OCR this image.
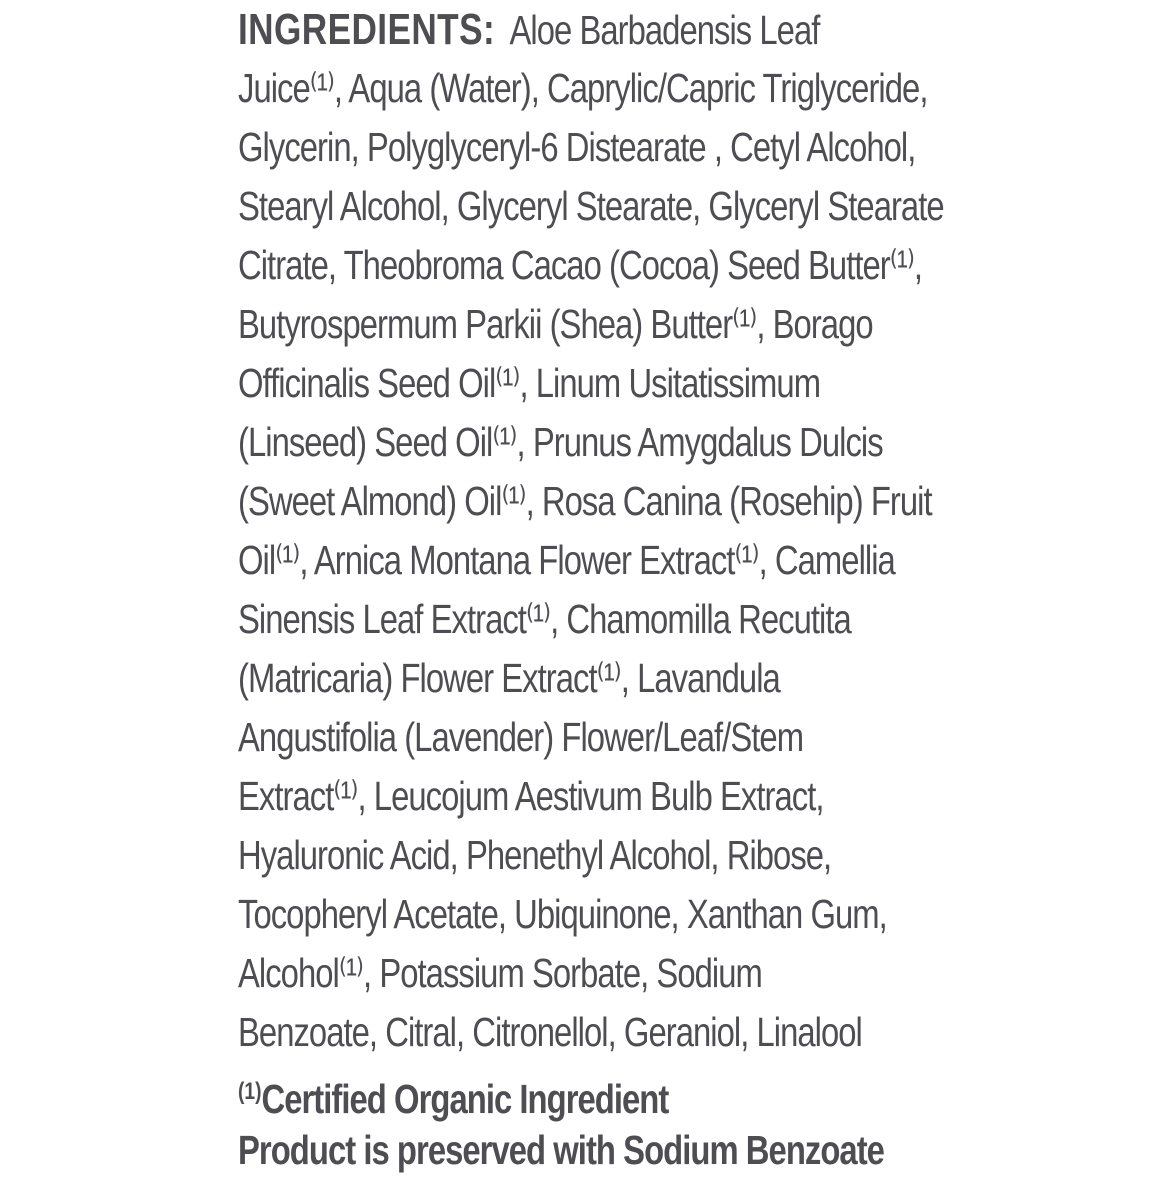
INGREDIENTS: Aloe Barbadensis Leaf
Juice⁽¹⁾, Aqua (Water), Caprylic/Capric Triglyceride,
Glycerin, Polyglyceryl-6 Distearate , Cetyl Alcohol,
Stearyl Alcohol, Glyceryl Stearate, Glyceryl Stearate
Citrate, Theobroma Cacao (Cocoa) Seed Butter⁽¹⁾,
Butyrospermum Parkii (Shea) Butter⁽¹⁾, Borago
Officinalis Seed Oil⁽¹⁾, Linum Usitatissimum
(Linseed) Seed Oil⁽¹⁾, Prunus Amygdalus Dulcis
(Sweet Almond) Oil⁽¹⁾, Rosa Canina (Rosehip) Fruit
Oil⁽¹⁾, Arnica Montana Flower Extract⁽¹⁾, Camellia
Sinensis Leaf Extract⁽¹⁾, Chamomilla Recutita
(Matricaria) Flower Extract⁽¹⁾, Lavandula
Angustifolia (Lavender) Flower/Leaf/Stem
Extract⁽¹⁾, Leucojum Aestivum Bulb Extract,
Hyaluronic Acid, Phenethyl Alcohol, Ribose,
Tocopheryl Acetate, Ubiquinone, Xanthan Gum,
Alcohol⁽¹⁾, Potassium Sorbate, Sodium
Benzoate, Citral, Citronellol, Geraniol, Linalool
$^{(1)}$Certified Organic Ingredient
Product is preserved with Sodium Benzoate
